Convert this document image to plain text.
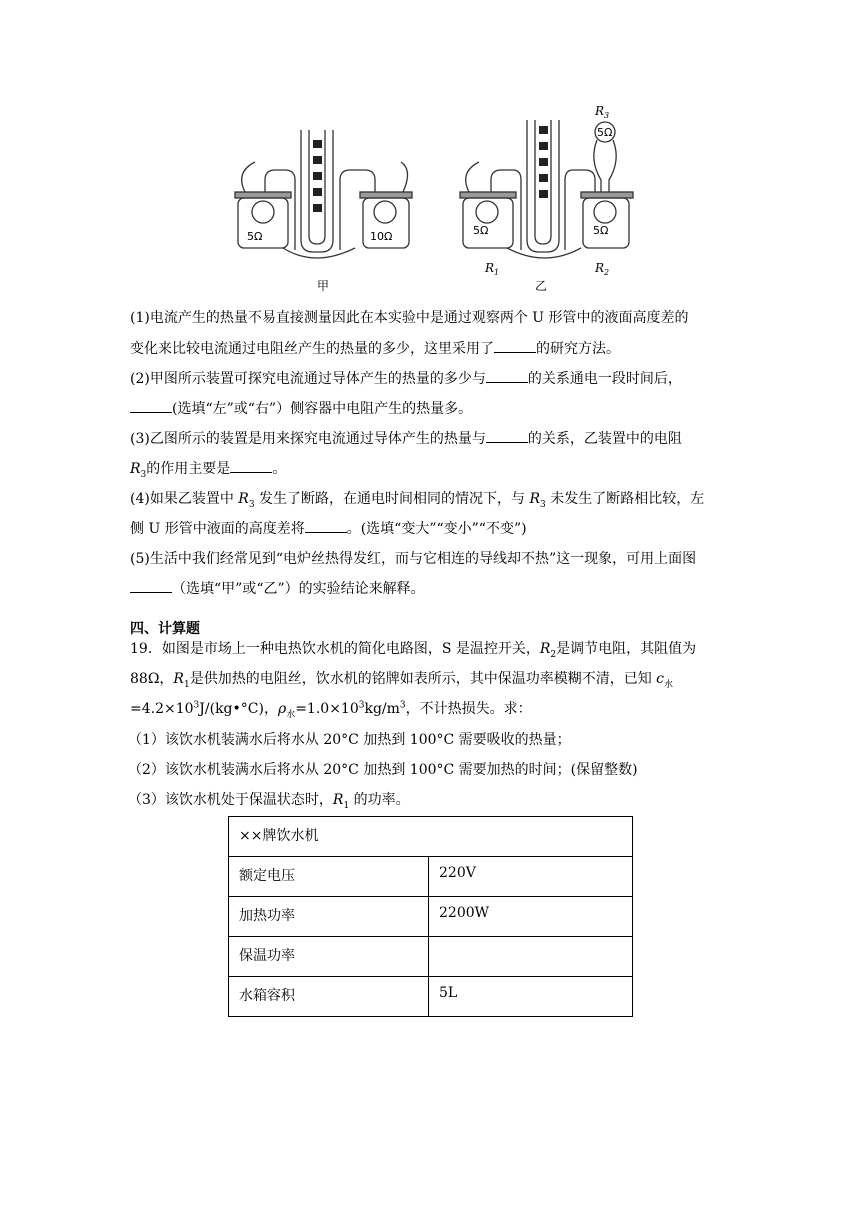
5Ω	10Ω	5Ω	5Ω
5Ω
甲	乙
$R_1$	$R_2$
$R_3$
(1)电流产生的热量不易直接测量因此在本实验中是通过观察两个 U 形管中的液面高度差的
变化来比较电流通过电阻丝产生的热量的多少，这里采用了	的研究方法。
(2)甲图所示装置可探究电流通过导体产生的热量的多少与	的关系通电一段时间后，
(选填“左”或“右”）侧容器中电阻产生的热量多。
(3)乙图所示的装置是用来探究电流通过导体产生的热量与	的关系，乙装置中的电阻
$R_3$的作用主要是	。
(4)如果乙装置中 $R_3$ 发生了断路，在通电时间相同的情况下，与 $R_3$ 未发生了断路相比较，左
侧 U 形管中液面的高度差将	。(选填“变大”“变小”“不变”)
(5)生活中我们经常见到“电炉丝热得发红，而与它相连的导线却不热”这一现象，可用上面图
（选填“甲”或“乙”）的实验结论来解释。
四、计算题
19．如图是市场上一种电热饮水机的简化电路图，S 是温控开关，$R_2$是调节电阻，其阻值为
88Ω，$R_1$是供加热的电阻丝，饮水机的铭牌如表所示，其中保温功率模糊不清，已知 $c_水$
$=4.2\times 10^3J/(kg•^\circ C)$，$\rho_水=1.0\times 10^3kg/m^3$，不计热损失。求：
（1）该饮水机装满水后将水从 20°C 加热到 100°C 需要吸收的热量；
（2）该饮水机装满水后将水从 20°C 加热到 100°C 需要加热的时间；(保留整数)
（3）该饮水机处于保温状态时，$R_1$ 的功率。
××牌饮水机	
额定电压	220V
加热功率	2200W
保温功率	
水箱容积	5L
